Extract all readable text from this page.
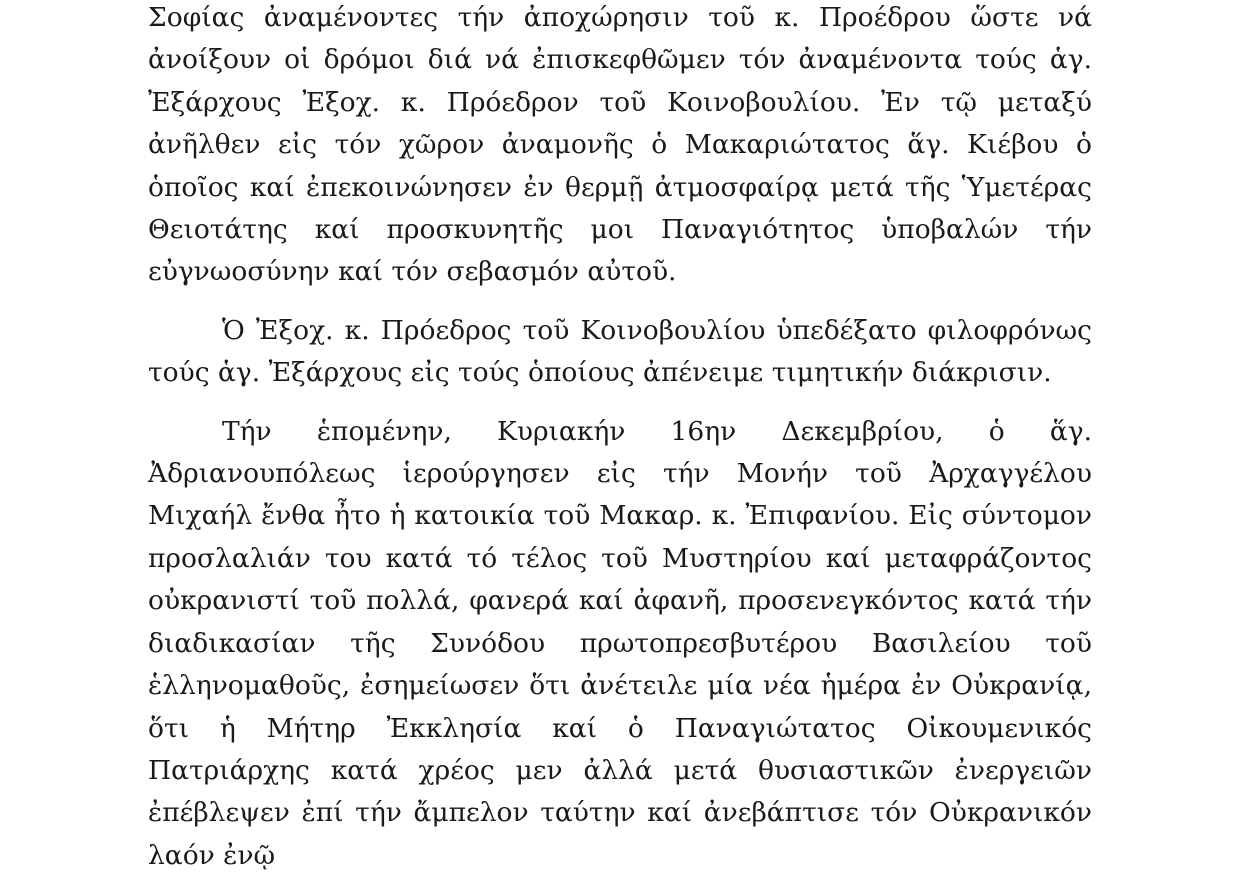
Σοφίας ἀναμένοντες τήν ἀποχώρησιν τοῦ κ. Προέδρου ὥστε νά ἀνοίξουν οἱ δρόμοι διά νά ἐπισκεφθῶμεν τόν ἀναμένοντα τούς ἁγ. Ἐξάρχους Ἐξοχ. κ. Πρόεδρον τοῦ Κοινοβουλίου. Ἐν τῷ μεταξύ ἀνῆλθεν εἰς τόν χῶρον ἀναμονῆς ὁ Μακαριώτατος ἅγ. Κιέβου ὁ ὁποῖος καί ἐπεκοινώνησεν ἐν θερμῇ ἀτμοσφαίρᾳ μετά τῆς Ὑμετέρας Θειοτάτης καί προσκυνητῆς μοι Παναγιότητος ὑποβαλών τήν εὐγνωοσύνην καί τόν σεβασμόν αὐτοῦ.

Ὁ Ἐξοχ. κ. Πρόεδρος τοῦ Κοινοβουλίου ὑπεδέξατο φιλοφρόνως τούς ἁγ. Ἐξάρχους εἰς τούς ὁποίους ἀπένειμε τιμητικήν διάκρισιν.

Τήν ἑπομένην, Κυριακήν 16ην Δεκεμβρίου, ὁ ἅγ. Ἀδριανουπόλεως ἱερούργησεν εἰς τήν Μονήν τοῦ Ἀρχαγγέλου Μιχαήλ ἔνθα ἦτο ἡ κατοικία τοῦ Μακαρ. κ. Ἐπιφανίου. Εἰς σύντομον προσλαλιάν του κατά τό τέλος τοῦ Μυστηρίου καί μεταφράζοντος οὐκρανιστί τοῦ πολλά, φανερά καί ἀφανῆ, προσενεγκόντος κατά τήν διαδικασίαν τῆς Συνόδου πρωτοπρεσβυτέρου Βασιλείου τοῦ ἑλληνομαθοῦς, ἐσημείωσεν ὅτι ἀνέτειλε μία νέα ἡμέρα ἐν Οὐκρανίᾳ, ὅτι ἡ Μήτηρ Ἐκκλησία καί ὁ Παναγιώτατος Οἰκουμενικός Πατριάρχης κατά χρέος μεν ἀλλά μετά θυσιαστικῶν ἐνεργειῶν ἐπέβλεψεν ἐπί τήν ἄμπελον ταύτην καί ἀνεβάπτισε τόν Οὐκρανικόν λαόν ἐνῷ
